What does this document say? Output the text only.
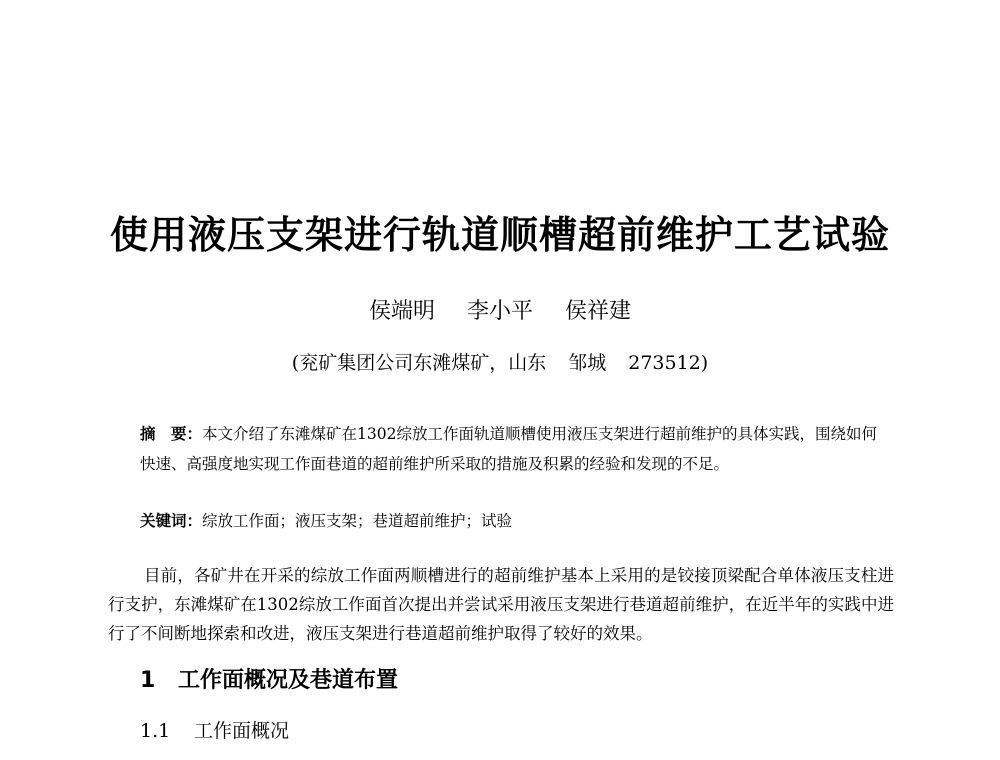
使用液压支架进行轨道顺槽超前维护工艺试验
侯端明 李小平 侯祥建
(兖矿集团公司东滩煤矿，山东 邹城 273512)
摘　要：本文介绍了东滩煤矿在1302综放工作面轨道顺槽使用液压支架进行超前维护的具体实践，围绕如何快速、高强度地实现工作面巷道的超前维护所采取的措施及积累的经验和发现的不足。
关键词：综放工作面；液压支架；巷道超前维护；试验
目前，各矿井在开采的综放工作面两顺槽进行的超前维护基本上采用的是铰接顶梁配合单体液压支柱进行支护，东滩煤矿在1302综放工作面首次提出并尝试采用液压支架进行巷道超前维护，在近半年的实践中进行了不间断地探索和改进，液压支架进行巷道超前维护取得了较好的效果。
1 工作面概况及巷道布置
1.1 工作面概况
